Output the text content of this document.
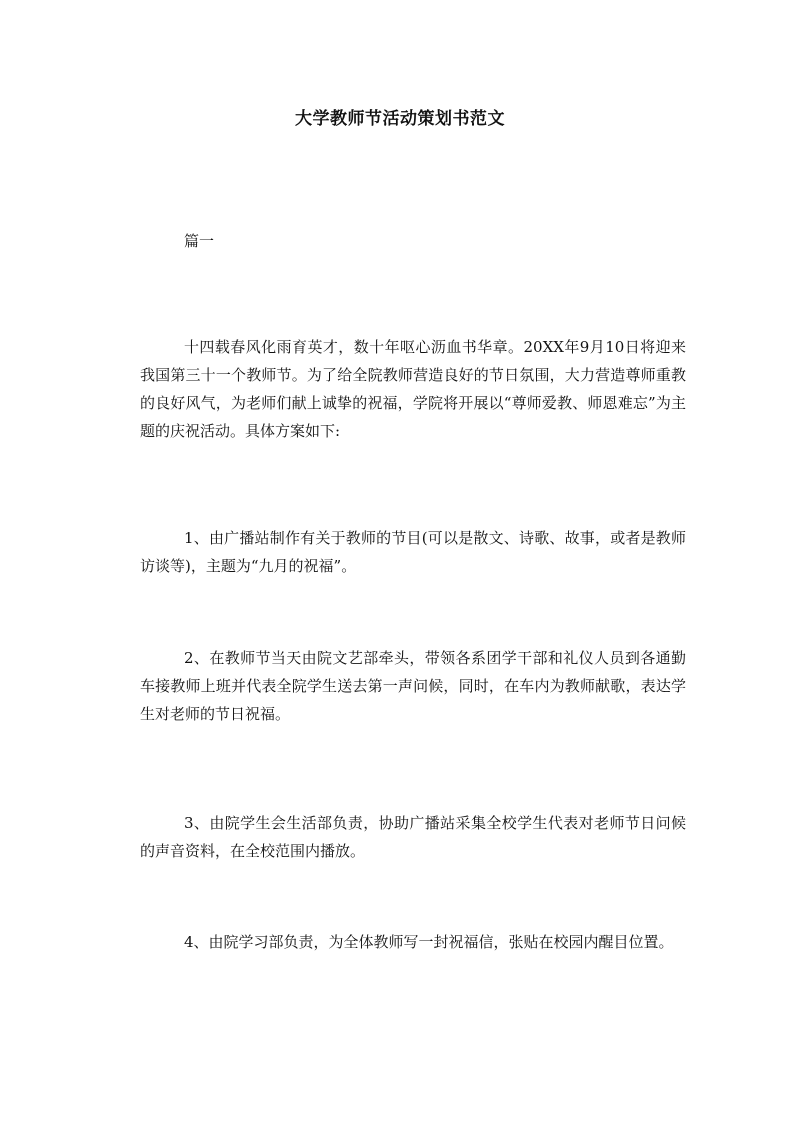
大学教师节活动策划书范文
篇一

十四载春风化雨育英才，数十年呕心沥血书华章。20XX年9月10日将迎来我国第三十一个教师节。为了给全院教师营造良好的节日氛围，大力营造尊师重教的良好风气，为老师们献上诚挚的祝福，学院将开展以“尊师爱教、师恩难忘”为主题的庆祝活动。具体方案如下:

1、由广播站制作有关于教师的节目(可以是散文、诗歌、故事，或者是教师访谈等)，主题为“九月的祝福”。

2、在教师节当天由院文艺部牵头，带领各系团学干部和礼仪人员到各通勤车接教师上班并代表全院学生送去第一声问候，同时，在车内为教师献歌，表达学生对老师的节日祝福。

3、由院学生会生活部负责，协助广播站采集全校学生代表对老师节日问候的声音资料，在全校范围内播放。

4、由院学习部负责，为全体教师写一封祝福信，张贴在校园内醒目位置。
